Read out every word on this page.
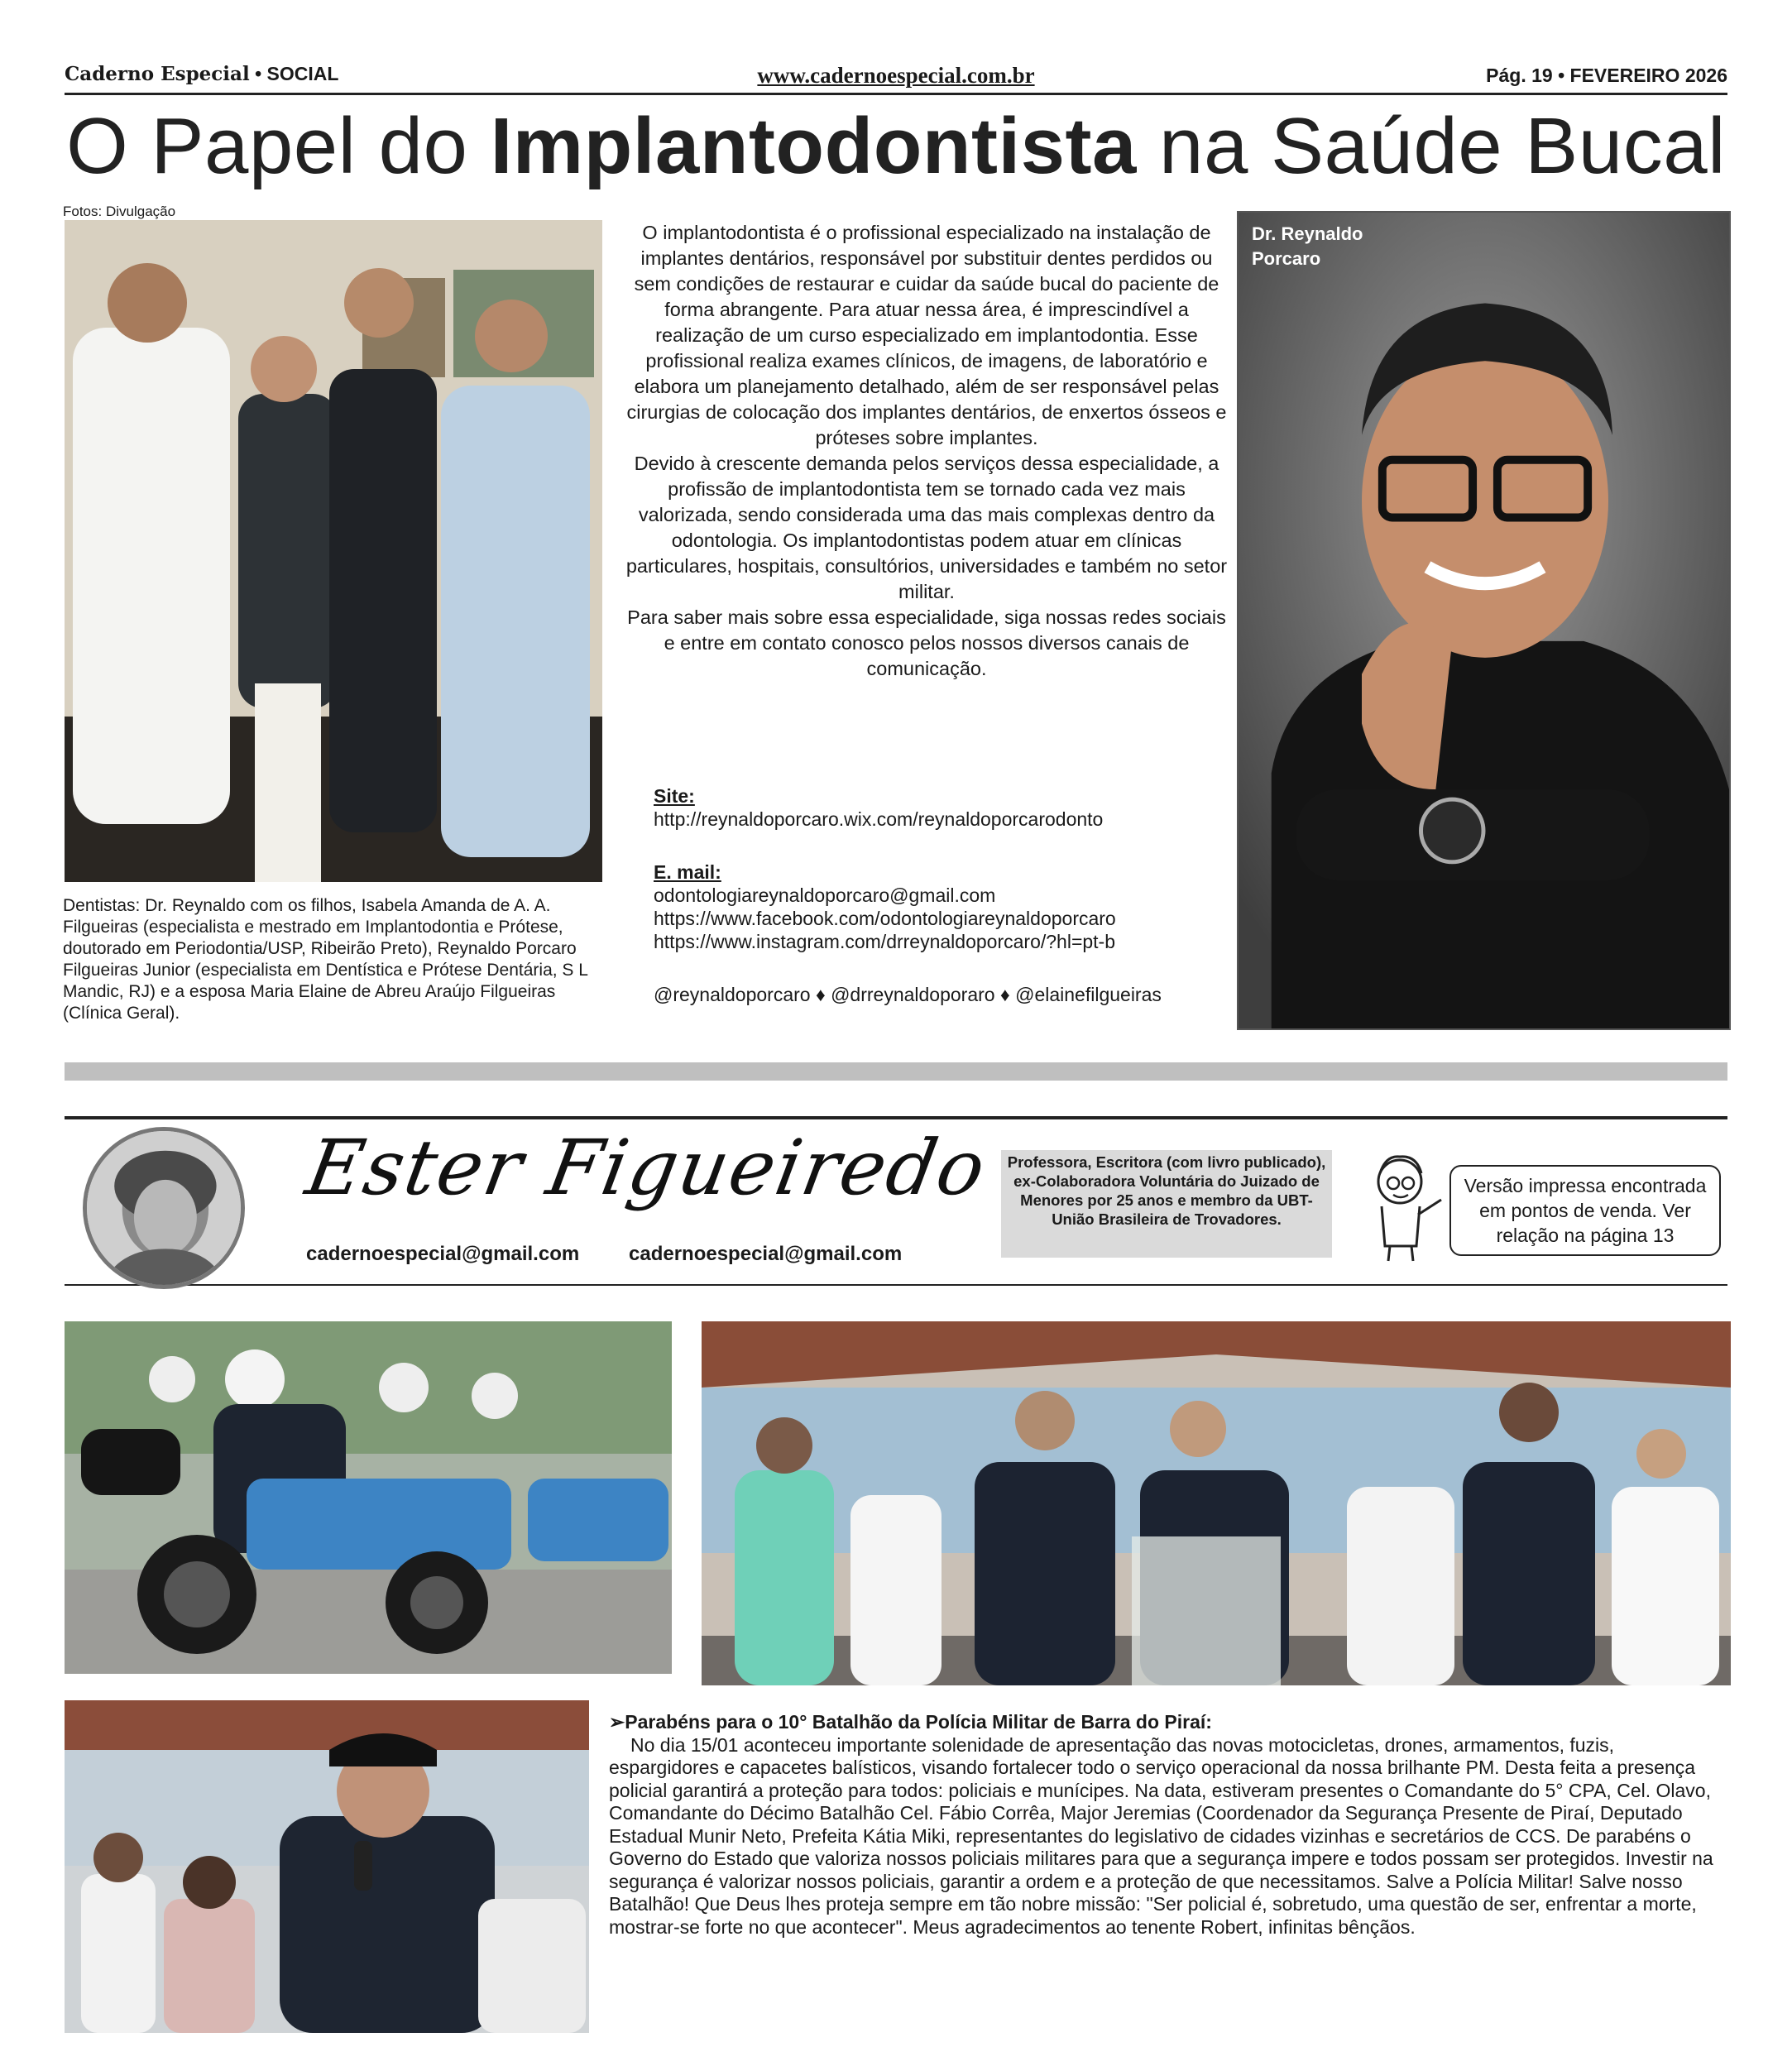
Caderno Especial • SOCIAL	www.cadernoespecial.com.br	Pág. 19 • FEVEREIRO 2026
O Papel do Implantodontista na Saúde Bucal
Fotos: Divulgação
Dentistas: Dr. Reynaldo com os filhos, Isabela Amanda de A. A. Filgueiras (especialista e mestrado em Implantodontia e Prótese, doutorado em Periodontia/USP, Ribeirão Preto), Reynaldo Porcaro Filgueiras Junior (especialista em Dentística e Prótese Dentária, S L Mandic, RJ) e a esposa Maria Elaine de Abreu Araújo Filgueiras (Clínica Geral).
O implantodontista é o profissional especializado na instalação de implantes dentários, responsável por substituir dentes perdidos ou sem condições de restaurar e cuidar da saúde bucal do paciente de forma abrangente. Para atuar nessa área, é imprescindível a realização de um curso especializado em implantodontia. Esse profissional realiza exames clínicos, de imagens, de laboratório e elabora um planejamento detalhado, além de ser responsável pelas cirurgias de colocação dos implantes dentários, de enxertos ósseos e próteses sobre implantes.
Devido à crescente demanda pelos serviços dessa especialidade, a profissão de implantodontista tem se tornado cada vez mais valorizada, sendo considerada uma das mais complexas dentro da odontologia. Os implantodontistas podem atuar em clínicas particulares, hospitais, consultórios, universidades e também no setor militar.
Para saber mais sobre essa especialidade, siga nossas redes sociais e entre em contato conosco pelos nossos diversos canais de comunicação.
Site:
http://reynaldoporcaro.wix.com/reynaldoporcarodonto
E. mail:
odontologiareynaldoporcaro@gmail.com
https://www.facebook.com/odontologiareynaldoporcaro
https://www.instagram.com/drreynaldoporcaro/?hl=pt-b
@reynaldoporcaro ♦ @drreynaldoporaro ♦ @elainefilgueiras
Dr. Reynaldo
Porcaro
Ester Figueiredo
cadernoespecial@gmail.com cadernoespecial@gmail.com
Professora, Escritora (com livro publicado), ex-Colaboradora Voluntária do Juizado de Menores por 25 anos e membro da UBT-União Brasileira de Trovadores.
Versão impressa encontrada em pontos de venda. Ver relação na página 13
➢Parabéns para o 10° Batalhão da Polícia Militar de Barra do Piraí:

No dia 15/01 aconteceu importante solenidade de apresentação das novas motocicletas, drones, armamentos, fuzis, espargidores e capacetes balísticos, visando fortalecer todo o serviço operacional da nossa brilhante PM. Desta feita a presença policial garantirá a proteção para todos: policiais e munícipes. Na data, estiveram presentes o Comandante do 5° CPA, Cel. Olavo, Comandante do Décimo Batalhão Cel. Fábio Corrêa, Major Jeremias (Coordenador da Segurança Presente de Piraí, Deputado Estadual Munir Neto, Prefeita Kátia Miki, representantes do legislativo de cidades vizinhas e secretários de CCS. De parabéns o Governo do Estado que valoriza nossos policiais militares para que a segurança impere e todos possam ser protegidos. Investir na segurança é valorizar nossos policiais, garantir a ordem e a proteção de que necessitamos. Salve a Polícia Militar! Salve nosso Batalhão! Que Deus lhes proteja sempre em tão nobre missão: "Ser policial é, sobretudo, uma questão de ser, enfrentar a morte, mostrar-se forte no que acontecer". Meus agradecimentos ao tenente Robert, infinitas bênçãos.
